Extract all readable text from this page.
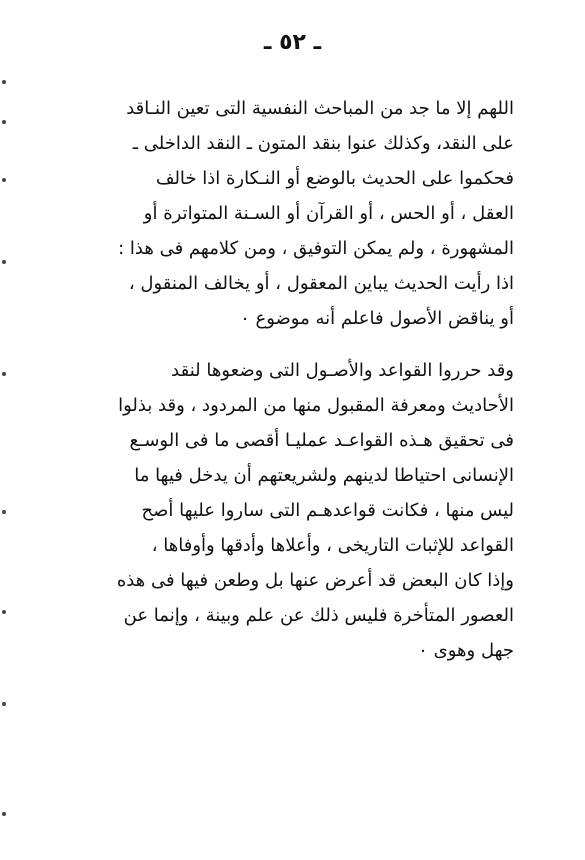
ـ ٥٢ ـ
اللهم إلا ما جد من المباحث النفسية التى تعين النـاقد
على النقد، وكذلك عنوا بنقد المتون ـ النقد الداخلى ـ
فحكموا على الحديث بالوضع أو النـكارة اذا خالف
العقل ، أو الحس ، أو القرآن أو السـنة المتواترة أو
المشهورة ، ولم يمكن التوفيق ، ومن كلامهم فى هذا :
اذا رأيت الحديث يباين المعقول ، أو يخالف المنقول ،
أو يناقض الأصول فاعلم أنه موضوع ٠
وقد حرروا القواعد والأصـول التى وضعوها لنقد
الأحاديث ومعرفة المقبول منها من المردود ، وقد بذلوا
فى تحقيق هـذه القواعـد عمليـا أقصى ما فى الوسـع
الإنسانى احتياطا لدينهم ولشريعتهم أن يدخل فيها ما
ليس منها ، فكانت قواعدهـم التى ساروا عليها أصح
القواعد للإثبات التاريخى ، وأعلاها وأدقها وأوفاها ،
وإذا كان البعض قد أعرض عنها بل وطعن فيها فى هذه
العصور المتأخرة فليس ذلك عن علم وبينة ، وإنما عن
جهل وهوى ٠
